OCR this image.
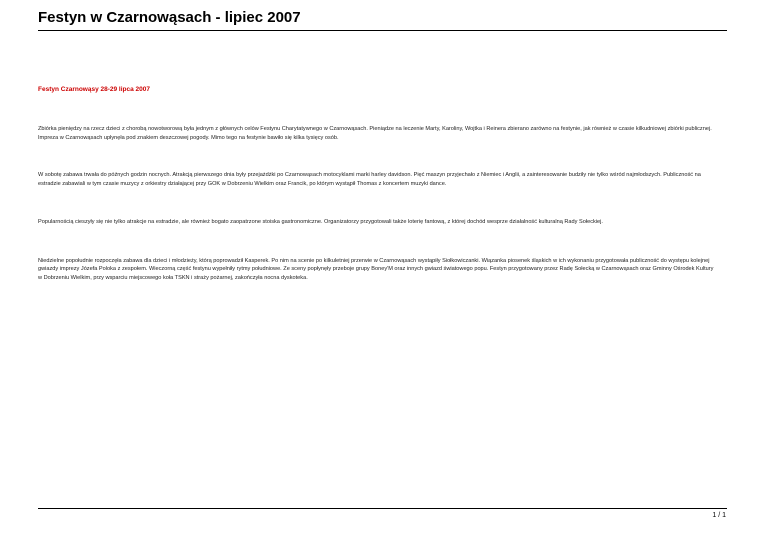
Festyn w Czarnowąsach - lipiec 2007

Festyn Czarnowąsy 28-29 lipca 2007

Zbiórka pieniędzy na rzecz dzieci z chorobą nowotworową była jednym z głównych celów Festynu Charytatywnego w Czarnowąsach. Pieniądze na leczenie Marty, Karoliny, Wojtka i Reinera zbierano zarówno na festynie, jak również w czasie kilkudniowej zbiórki publicznej. Impreza w Czarnowąsach upłynęła pod znakiem deszczowej pogody. Mimo tego na festynie bawiło się kilka tysięcy osób.

W sobotę zabawa trwała do późnych godzin nocnych. Atrakcją pierwszego dnia były przejażdżki po Czarnowąsach motocyklami marki harley davidson. Pięć maszyn przyjechało z Niemiec i Anglii, a zainteresowanie budziły nie tylko wśród najmłodszych. Publiczność na estradzie zabawiali w tym czasie muzycy z orkiestry działającej przy GOK w Dobrzeniu Wielkim oraz Francik, po którym wystąpił Thomas z koncertem muzyki dance.

Popularnością cieszyły się nie tylko atrakcje na estradzie, ale również bogato zaopatrzone stoiska gastronomiczne. Organizatorzy przygotowali także loterię fantową, z której dochód wesprze działalność kulturalną Rady Sołeckiej.

Niedzielne popołudnie rozpoczęła zabawa dla dzieci i młodzieży, którą poprowadził Kasperek. Po nim na scenie po kilkuletniej przerwie w Czarnowąsach wystąpiły Siołkowiczanki. Wiązanka piosenek śląskich w ich wykonaniu przygotowała publiczność do występu kolejnej gwiazdy imprezy Józefa Poloka z zespołem. Wieczorną część festynu wypełniły rytmy południowe. Ze sceny popłynęły przeboje grupy Boney'M oraz innych gwiazd światowego popu. Festyn przygotowany przez Radę Sołecką w Czarnowąsach oraz Gminny Ośrodek Kultury w Dobrzeniu Wielkim, przy wsparciu miejscowego koła TSKN i straży pożarnej, zakończyła nocna dyskoteka.

1 / 1
